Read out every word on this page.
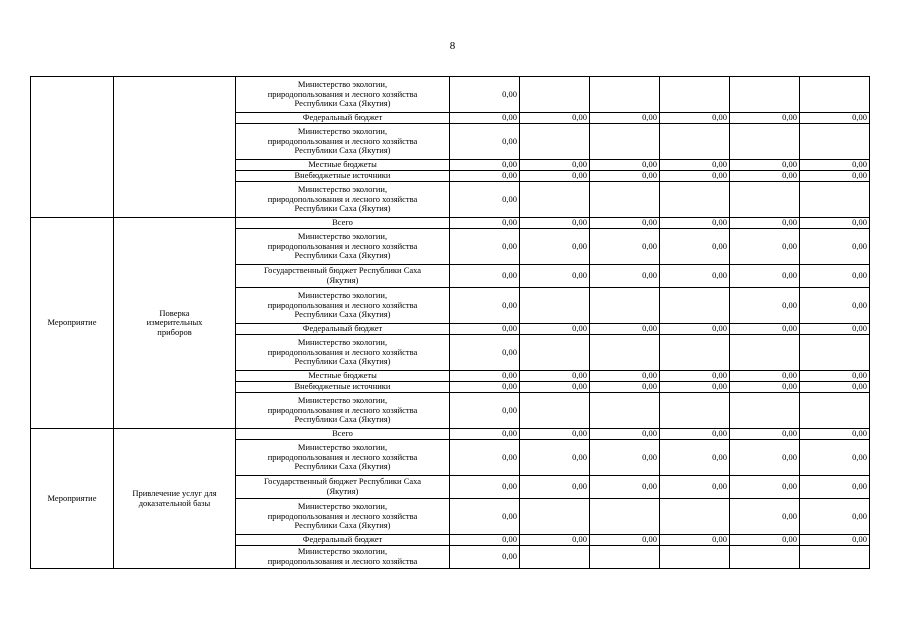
8
		Министерство экологии,
природопользования и лесного хозяйства
Республики Саха (Якутия)	0,00					
		Федеральный бюджет	0,00	0,00	0,00	0,00	0,00	0,00
		Министерство экологии,
природопользования и лесного хозяйства
Республики Саха (Якутия)	0,00					
		Местные бюджеты	0,00	0,00	0,00	0,00	0,00	0,00
		Внебюджетные источники	0,00	0,00	0,00	0,00	0,00	0,00
		Министерство экологии,
природопользования и лесного хозяйства
Республики Саха (Якутия)	0,00					
Мероприятие	Поверка
измерительных
приборов	Всего	0,00	0,00	0,00	0,00	0,00	0,00
		Министерство экологии,
природопользования и лесного хозяйства
Республики Саха (Якутия)	0,00	0,00	0,00	0,00	0,00	0,00
		Государственный бюджет Республики Саха
(Якутия)	0,00	0,00	0,00	0,00	0,00	0,00
		Министерство экологии,
природопользования и лесного хозяйства
Республики Саха (Якутия)	0,00				0,00	0,00
		Федеральный бюджет	0,00	0,00	0,00	0,00	0,00	0,00
		Министерство экологии,
природопользования и лесного хозяйства
Республики Саха (Якутия)	0,00					
		Местные бюджеты	0,00	0,00	0,00	0,00	0,00	0,00
		Внебюджетные источники	0,00	0,00	0,00	0,00	0,00	0,00
		Министерство экологии,
природопользования и лесного хозяйства
Республики Саха (Якутия)	0,00					
Мероприятие	Привлечение услуг для
доказательной базы	Всего	0,00	0,00	0,00	0,00	0,00	0,00
		Министерство экологии,
природопользования и лесного хозяйства
Республики Саха (Якутия)	0,00	0,00	0,00	0,00	0,00	0,00
		Государственный бюджет Республики Саха
(Якутия)	0,00	0,00	0,00	0,00	0,00	0,00
		Министерство экологии,
природопользования и лесного хозяйства
Республики Саха (Якутия)	0,00				0,00	0,00
		Федеральный бюджет	0,00	0,00	0,00	0,00	0,00	0,00
		Министерство экологии,
природопользования и лесного хозяйства	0,00					
